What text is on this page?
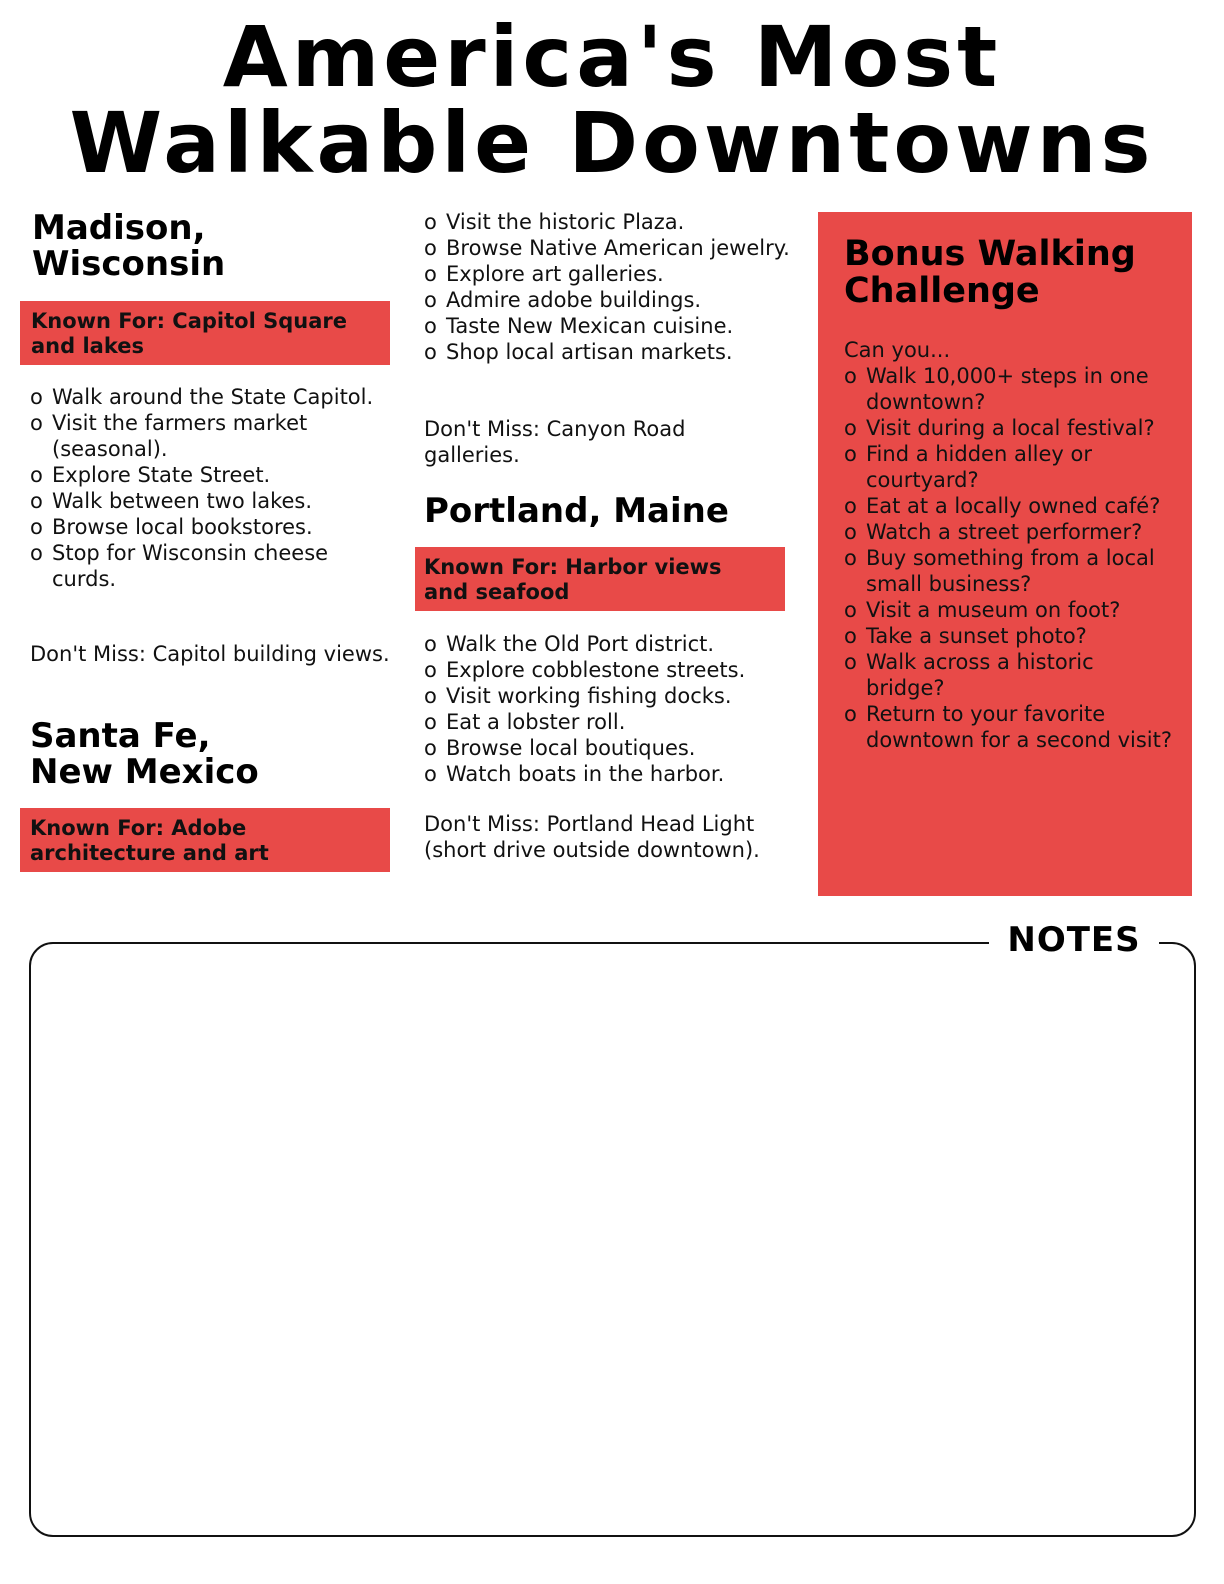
America's Most
Walkable Downtowns
Madison,
Wisconsin
Known For: Capitol Square and lakes
o Walk around the State Capitol.
o Visit the farmers market (seasonal).
o Explore State Street.
o Walk between two lakes.
o Browse local bookstores.
o Stop for Wisconsin cheese curds.
Don't Miss: Capitol building views.
Santa Fe,
New Mexico
Known For: Adobe architecture and art
o Visit the historic Plaza.
o Browse Native American jewelry.
o Explore art galleries.
o Admire adobe buildings.
o Taste New Mexican cuisine.
o Shop local artisan markets.
Don't Miss: Canyon Road galleries.
Portland, Maine
Known For: Harbor views and seafood
o Walk the Old Port district.
o Explore cobblestone streets.
o Visit working fishing docks.
o Eat a lobster roll.
o Browse local boutiques.
o Watch boats in the harbor.
Don't Miss: Portland Head Light (short drive outside downtown).
Bonus Walking
Challenge
Can you...
o Walk 10,000+ steps in one downtown?
o Visit during a local festival?
o Find a hidden alley or courtyard?
o Eat at a locally owned café?
o Watch a street performer?
o Buy something from a local small business?
o Visit a museum on foot?
o Take a sunset photo?
o Walk across a historic bridge?
o Return to your favorite downtown for a second visit?
NOTES
